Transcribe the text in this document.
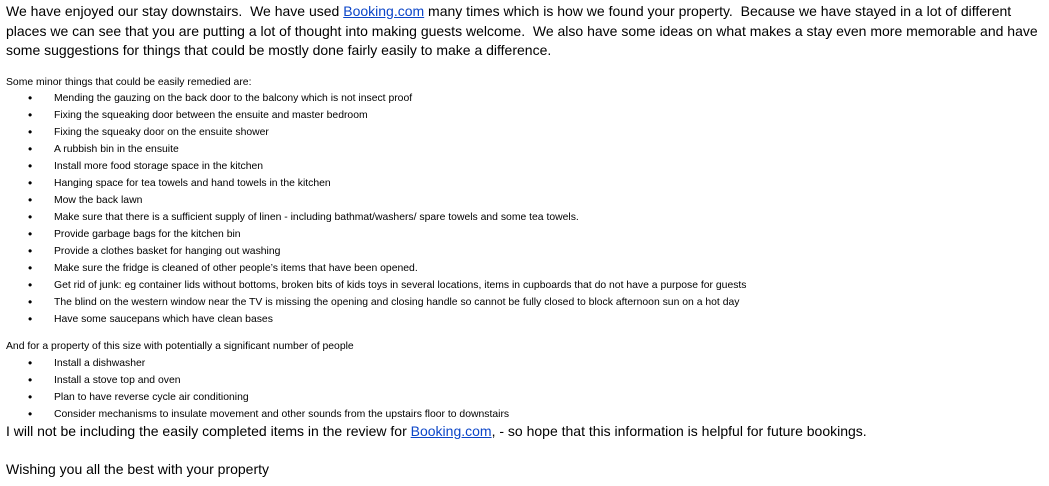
We have enjoyed our stay downstairs.  We have used Booking.com many times which is how we found your property.  Because we have stayed in a lot of different places we can see that you are putting a lot of thought into making guests welcome.  We also have some ideas on what makes a stay even more memorable and have some suggestions for things that could be mostly done fairly easily to make a difference.
Some minor things that could be easily remedied are:
•	Mending the gauzing on the back door to the balcony which is not insect proof
•	Fixing the squeaking door between the ensuite and master bedroom
•	Fixing the squeaky door on the ensuite shower
•	A rubbish bin in the ensuite
•	Install more food storage space in the kitchen
•	Hanging space for tea towels and hand towels in the kitchen
•	Mow the back lawn
•	Make sure that there is a sufficient supply of linen - including bathmat/washers/ spare towels and some tea towels.
•	Provide garbage bags for the kitchen bin
•	Provide a clothes basket for hanging out washing
•	Make sure the fridge is cleaned of other people’s items that have been opened.
•	Get rid of junk: eg container lids without bottoms, broken bits of kids toys in several locations, items in cupboards that do not have a purpose for guests
•	The blind on the western window near the TV is missing the opening and closing handle so cannot be fully closed to block afternoon sun on a hot day
•	Have some saucepans which have clean bases
And for a property of this size with potentially a significant number of people
•	Install a dishwasher
•	Install a stove top and oven
•	Plan to have reverse cycle air conditioning
•	Consider mechanisms to insulate movement and other sounds from the upstairs floor to downstairs
I will not be including the easily completed items in the review for Booking.com, - so hope that this information is helpful for future bookings.
Wishing you all the best with your property
